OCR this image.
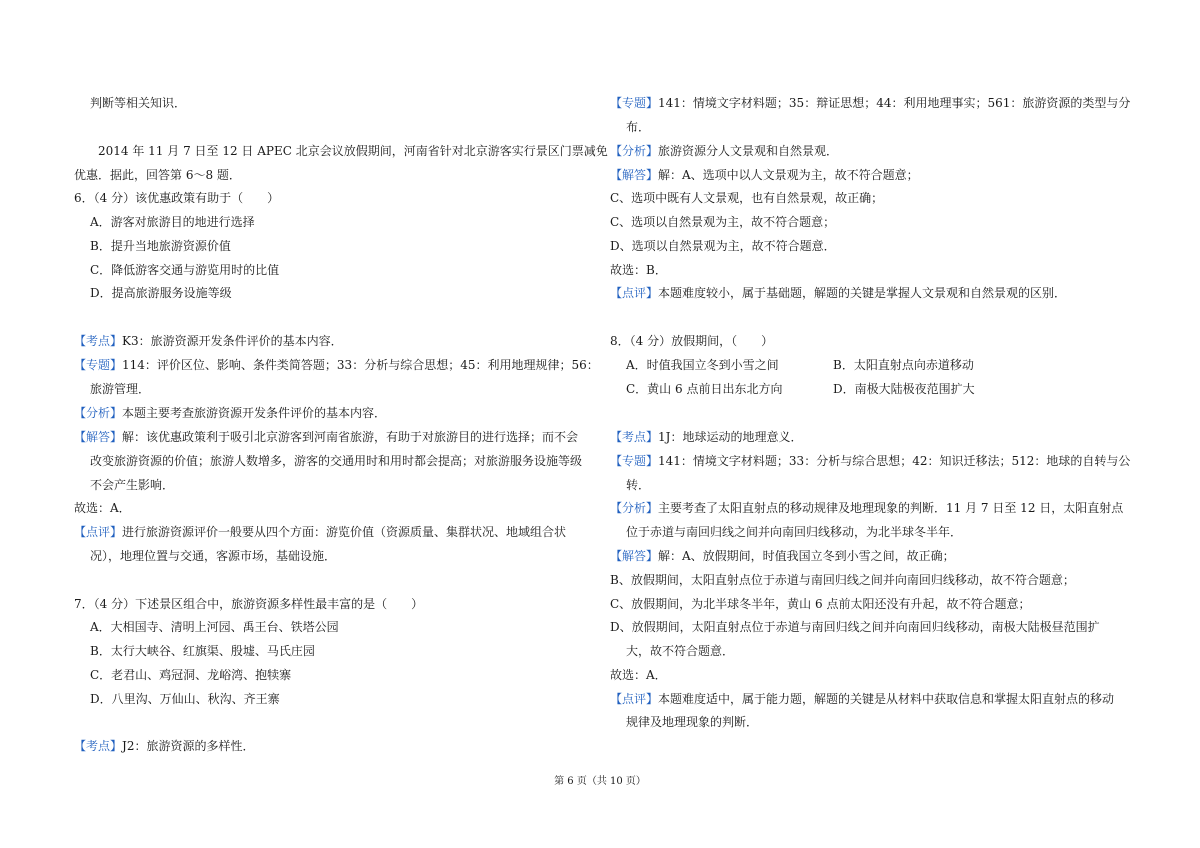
判断等相关知识．
2014 年 11 月 7 日至 12 日 APEC 北京会议放假期间，河南省针对北京游客实行景区门票减免
优惠．据此，回答第 6～8 题．
6．（4 分）该优惠政策有助于（　　）
A．游客对旅游目的地进行选择
B．提升当地旅游资源价值
C．降低游客交通与游览用时的比值
D．提高旅游服务设施等级
【考点】K3：旅游资源开发条件评价的基本内容．
【专题】114：评价区位、影响、条件类简答题；33：分析与综合思想；45：利用地理规律；56：
旅游管理．
【分析】本题主要考查旅游资源开发条件评价的基本内容．
【解答】解：该优惠政策利于吸引北京游客到河南省旅游，有助于对旅游目的进行选择；而不会
改变旅游资源的价值；旅游人数增多，游客的交通用时和用时都会提高；对旅游服务设施等级
不会产生影响．
故选：A．
【点评】进行旅游资源评价一般要从四个方面：游览价值（资源质量、集群状况、地域组合状
况），地理位置与交通，客源市场，基础设施．
7．（4 分）下述景区组合中，旅游资源多样性最丰富的是（　　）
A．大相国寺、清明上河园、禹王台、铁塔公园
B．太行大峡谷、红旗渠、殷墟、马氏庄园
C．老君山、鸡冠洞、龙峪湾、抱犊寨
D．八里沟、万仙山、秋沟、齐王寨
【考点】J2：旅游资源的多样性．
【专题】141：情境文字材料题；35：辩证思想；44：利用地理事实；561：旅游资源的类型与分
布．
【分析】旅游资源分人文景观和自然景观．
【解答】解：A、选项中以人文景观为主，故不符合题意；
C、选项中既有人文景观，也有自然景观，故正确；
C、选项以自然景观为主，故不符合题意；
D、选项以自然景观为主，故不符合题意．
故选：B．
【点评】本题难度较小，属于基础题，解题的关键是掌握人文景观和自然景观的区别．
8．（4 分）放假期间，（　　）
A．时值我国立冬到小雪之间	B．太阳直射点向赤道移动
C．黄山 6 点前日出东北方向	D．南极大陆极夜范围扩大
【考点】1J：地球运动的地理意义．
【专题】141：情境文字材料题；33：分析与综合思想；42：知识迁移法；512：地球的自转与公
转．
【分析】主要考查了太阳直射点的移动规律及地理现象的判断．11 月 7 日至 12 日，太阳直射点
位于赤道与南回归线之间并向南回归线移动，为北半球冬半年．
【解答】解：A、放假期间，时值我国立冬到小雪之间，故正确；
B、放假期间，太阳直射点位于赤道与南回归线之间并向南回归线移动，故不符合题意；
C、放假期间，为北半球冬半年，黄山 6 点前太阳还没有升起，故不符合题意；
D、放假期间，太阳直射点位于赤道与南回归线之间并向南回归线移动，南极大陆极昼范围扩
大，故不符合题意．
故选：A．
【点评】本题难度适中，属于能力题，解题的关键是从材料中获取信息和掌握太阳直射点的移动
规律及地理现象的判断．
第 6 页（共 10 页）
